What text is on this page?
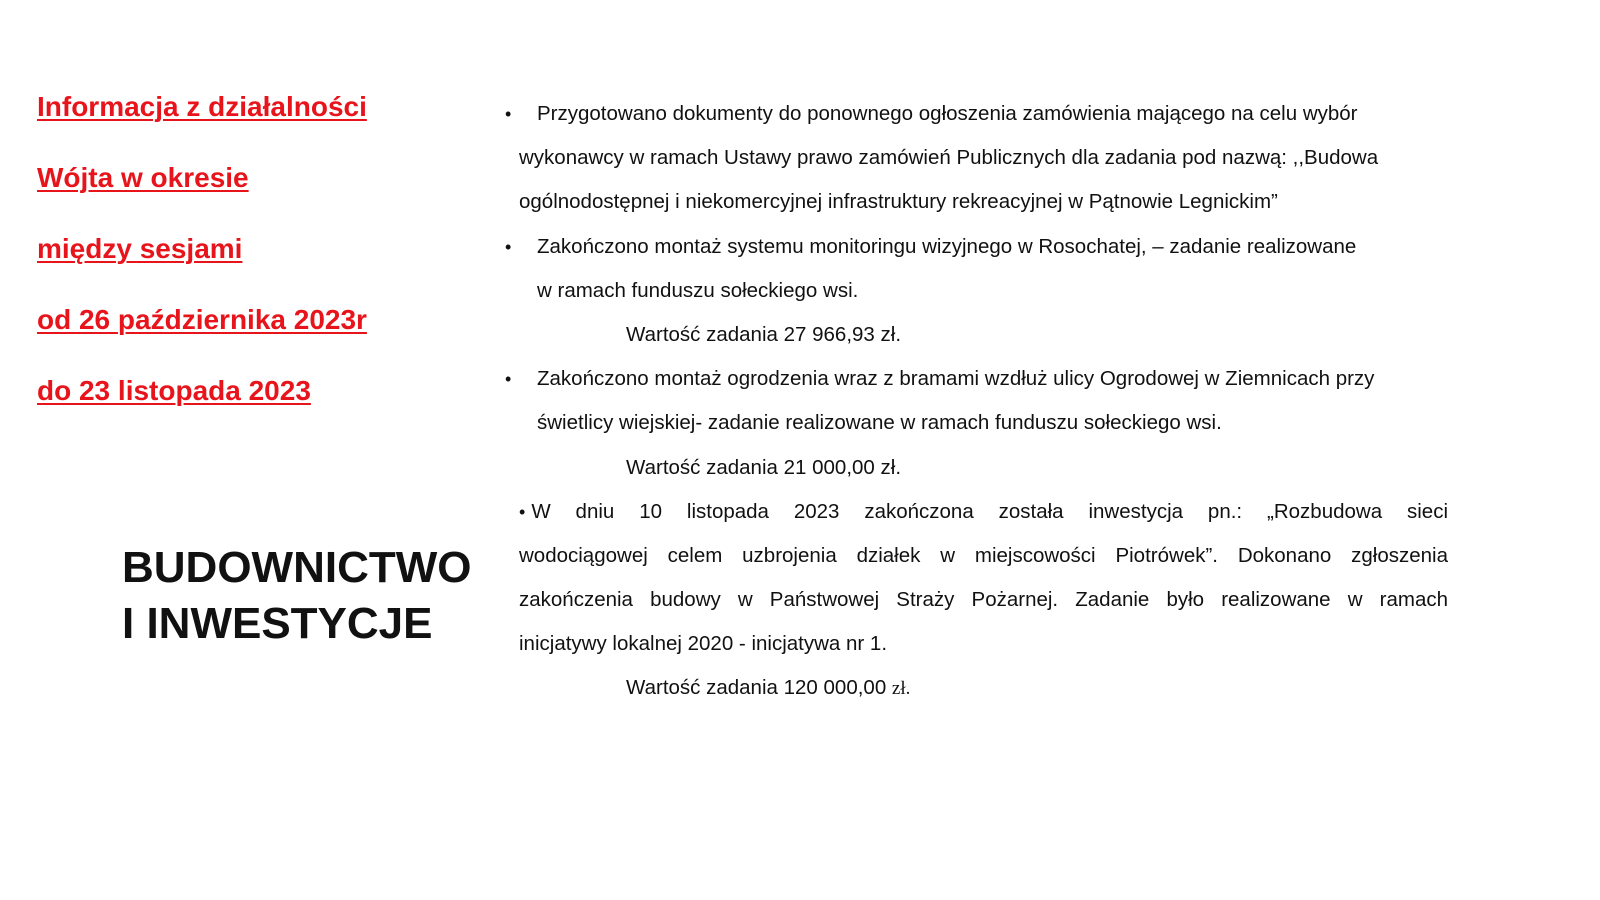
Informacja z działalności
Wójta w okresie
między sesjami
od 26 października 2023r
do 23 listopada 2023
BUDOWNICTWO
I INWESTYCJE
• Przygotowano dokumenty do ponownego ogłoszenia zamówienia mającego na celu wybór
wykonawcy w ramach Ustawy prawo zamówień Publicznych dla zadania pod nazwą: ,,Budowa
ogólnodostępnej i niekomercyjnej infrastruktury rekreacyjnej w Pątnowie Legnickim”
• Zakończono montaż systemu monitoringu wizyjnego w Rosochatej, – zadanie realizowane
w ramach funduszu sołeckiego wsi.
Wartość zadania 27 966,93 zł.
• Zakończono montaż ogrodzenia wraz z bramami wzdłuż ulicy Ogrodowej w Ziemnicach przy
świetlicy wiejskiej- zadanie realizowane w ramach funduszu sołeckiego wsi.
Wartość zadania 21 000,00 zł.
• W dniu 10 listopada 2023 zakończona została inwestycja pn.: „Rozbudowa sieci
wodociągowej celem uzbrojenia działek w miejscowości Piotrówek”. Dokonano zgłoszenia
zakończenia budowy w Państwowej Straży Pożarnej. Zadanie było realizowane w ramach
inicjatywy lokalnej 2020 - inicjatywa nr 1.
Wartość zadania 120 000,00 zł.
